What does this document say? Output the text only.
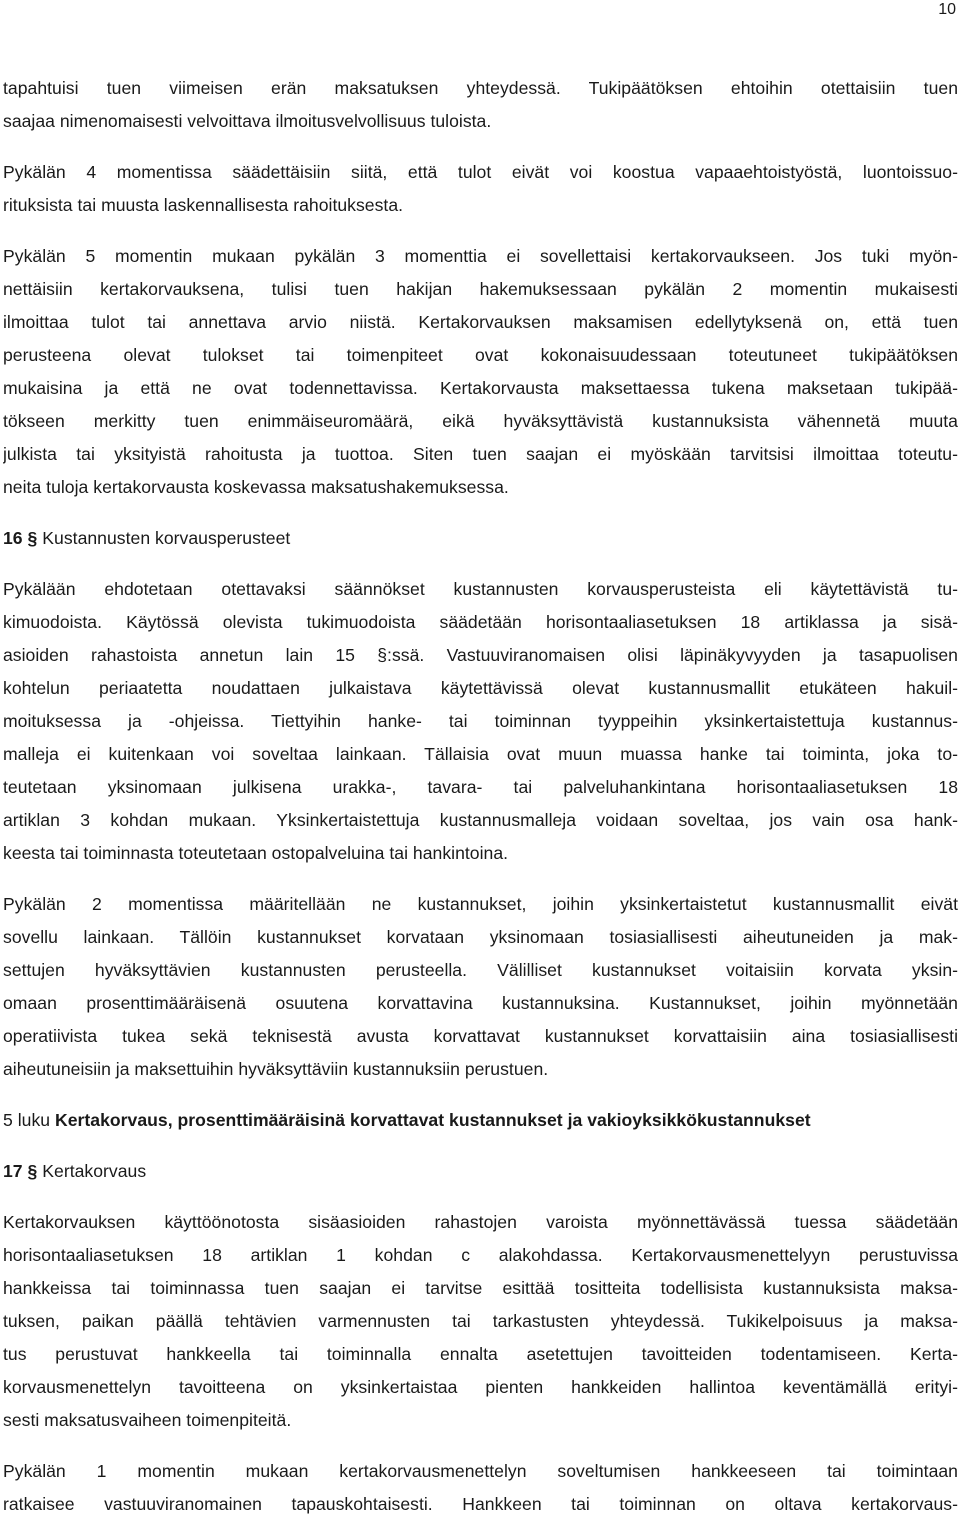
10
tapahtuisi tuen viimeisen erän maksatuksen yhteydessä. Tukipäätöksen ehtoihin otettaisiin tuen
saajaa nimenomaisesti velvoittava ilmoitusvelvollisuus tuloista.
Pykälän 4 momentissa säädettäisiin siitä, että tulot eivät voi koostua vapaaehtoistyöstä, luontoissuo-
rituksista tai muusta laskennallisesta rahoituksesta.
Pykälän 5 momentin mukaan pykälän 3 momenttia ei sovellettaisi kertakorvaukseen. Jos tuki myön-
nettäisiin kertakorvauksena, tulisi tuen hakijan hakemuksessaan pykälän 2 momentin mukaisesti
ilmoittaa tulot tai annettava arvio niistä. Kertakorvauksen maksamisen edellytyksenä on, että tuen
perusteena olevat tulokset tai toimenpiteet ovat kokonaisuudessaan toteutuneet tukipäätöksen
mukaisina ja että ne ovat todennettavissa. Kertakorvausta maksettaessa tukena maksetaan tukipää-
tökseen merkitty tuen enimmäiseuromäärä, eikä hyväksyttävistä kustannuksista vähennetä muuta
julkista tai yksityistä rahoitusta ja tuottoa. Siten tuen saajan ei myöskään tarvitsisi ilmoittaa toteutu-
neita tuloja kertakorvausta koskevassa maksatushakemuksessa.
16 § Kustannusten korvausperusteet
Pykälään ehdotetaan otettavaksi säännökset kustannusten korvausperusteista eli käytettävistä tu-
kimuodoista. Käytössä olevista tukimuodoista säädetään horisontaaliasetuksen 18 artiklassa ja sisä-
asioiden rahastoista annetun lain 15 §:ssä. Vastuuviranomaisen olisi läpinäkyvyyden ja tasapuolisen
kohtelun periaatetta noudattaen julkaistava käytettävissä olevat kustannusmallit etukäteen hakuil-
moituksessa ja -ohjeissa. Tiettyihin hanke- tai toiminnan tyyppeihin yksinkertaistettuja kustannus-
malleja ei kuitenkaan voi soveltaa lainkaan. Tällaisia ovat muun muassa hanke tai toiminta, joka to-
teutetaan yksinomaan julkisena urakka-, tavara- tai palveluhankintana horisontaaliasetuksen 18
artiklan 3 kohdan mukaan. Yksinkertaistettuja kustannusmalleja voidaan soveltaa, jos vain osa hank-
keesta tai toiminnasta toteutetaan ostopalveluina tai hankintoina.
Pykälän 2 momentissa määritellään ne kustannukset, joihin yksinkertaistetut kustannusmallit eivät
sovellu lainkaan. Tällöin kustannukset korvataan yksinomaan tosiasiallisesti aiheutuneiden ja mak-
settujen hyväksyttävien kustannusten perusteella. Välilliset kustannukset voitaisiin korvata yksin-
omaan prosenttimääräisenä osuutena korvattavina kustannuksina. Kustannukset, joihin myönnetään
operatiivista tukea sekä teknisestä avusta korvattavat kustannukset korvattaisiin aina tosiasiallisesti
aiheutuneisiin ja maksettuihin hyväksyttäviin kustannuksiin perustuen.
5 luku Kertakorvaus, prosenttimääräisinä korvattavat kustannukset ja vakioyksikkökustannukset
17 § Kertakorvaus
Kertakorvauksen käyttöönotosta sisäasioiden rahastojen varoista myönnettävässä tuessa säädetään
horisontaaliasetuksen 18 artiklan 1 kohdan c alakohdassa. Kertakorvausmenettelyyn perustuvissa
hankkeissa tai toiminnassa tuen saajan ei tarvitse esittää tositteita todellisista kustannuksista maksa-
tuksen, paikan päällä tehtävien varmennusten tai tarkastusten yhteydessä. Tukikelpoisuus ja maksa-
tus perustuvat hankkeella tai toiminnalla ennalta asetettujen tavoitteiden todentamiseen. Kerta-
korvausmenettelyn tavoitteena on yksinkertaistaa pienten hankkeiden hallintoa keventämällä erityi-
sesti maksatusvaiheen toimenpiteitä.
Pykälän 1 momentin mukaan kertakorvausmenettelyn soveltumisen hankkeeseen tai toimintaan
ratkaisee vastuuviranomainen tapauskohtaisesti. Hankkeen tai toiminnan on oltava kertakorvaus-
